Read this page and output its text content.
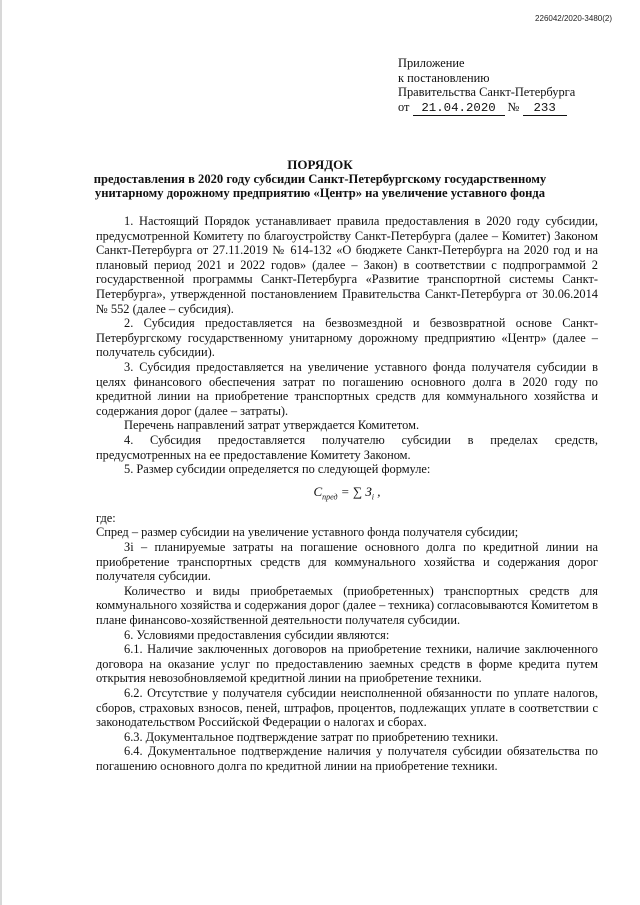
226042/2020-3480(2)
Приложение
к постановлению
Правительства Санкт-Петербурга
от 21.04.2020 № 233
ПОРЯДОК
предоставления в 2020 году субсидии Санкт-Петербургскому государственному унитарному дорожному предприятию «Центр» на увеличение уставного фонда

1. Настоящий Порядок устанавливает правила предоставления в 2020 году субсидии, предусмотренной Комитету по благоустройству Санкт-Петербурга (далее – Комитет) Законом Санкт-Петербурга от 27.11.2019 № 614-132 «О бюджете Санкт-Петербурга на 2020 год и на плановый период 2021 и 2022 годов» (далее – Закон) в соответствии с подпрограммой 2 государственной программы Санкт-Петербурга «Развитие транспортной системы Санкт-Петербурга», утвержденной постановлением Правительства Санкт-Петербурга от 30.06.2014 № 552 (далее – субсидия).

2. Субсидия предоставляется на безвозмездной и безвозвратной основе Санкт-Петербургскому государственному унитарному дорожному предприятию «Центр» (далее – получатель субсидии).

3. Субсидия предоставляется на увеличение уставного фонда получателя субсидии в целях финансового обеспечения затрат по погашению основного долга в 2020 году по кредитной линии на приобретение транспортных средств для коммунального хозяйства и содержания дорог (далее – затраты).

Перечень направлений затрат утверждается Комитетом.

4. Субсидия предоставляется получателю субсидии в пределах средств, предусмотренных на ее предоставление Комитету Законом.

5. Размер субсидии определяется по следующей формуле:

$С_{пред}$ = ∑ $З_i$ ,

где:

Спред – размер субсидии на увеличение уставного фонда получателя субсидии;

Зi – планируемые затраты на погашение основного долга по кредитной линии на приобретение транспортных средств для коммунального хозяйства и содержания дорог получателя субсидии.

Количество и виды приобретаемых (приобретенных) транспортных средств для коммунального хозяйства и содержания дорог (далее – техника) согласовываются Комитетом в плане финансово-хозяйственной деятельности получателя субсидии.

6. Условиями предоставления субсидии являются:

6.1. Наличие заключенных договоров на приобретение техники, наличие заключенного договора на оказание услуг по предоставлению заемных средств в форме кредита путем открытия невозобновляемой кредитной линии на приобретение техники.

6.2. Отсутствие у получателя субсидии неисполненной обязанности по уплате налогов, сборов, страховых взносов, пеней, штрафов, процентов, подлежащих уплате в соответствии с законодательством Российской Федерации о налогах и сборах.

6.3. Документальное подтверждение затрат по приобретению техники.

6.4. Документальное подтверждение наличия у получателя субсидии обязательства по погашению основного долга по кредитной линии на приобретение техники.
